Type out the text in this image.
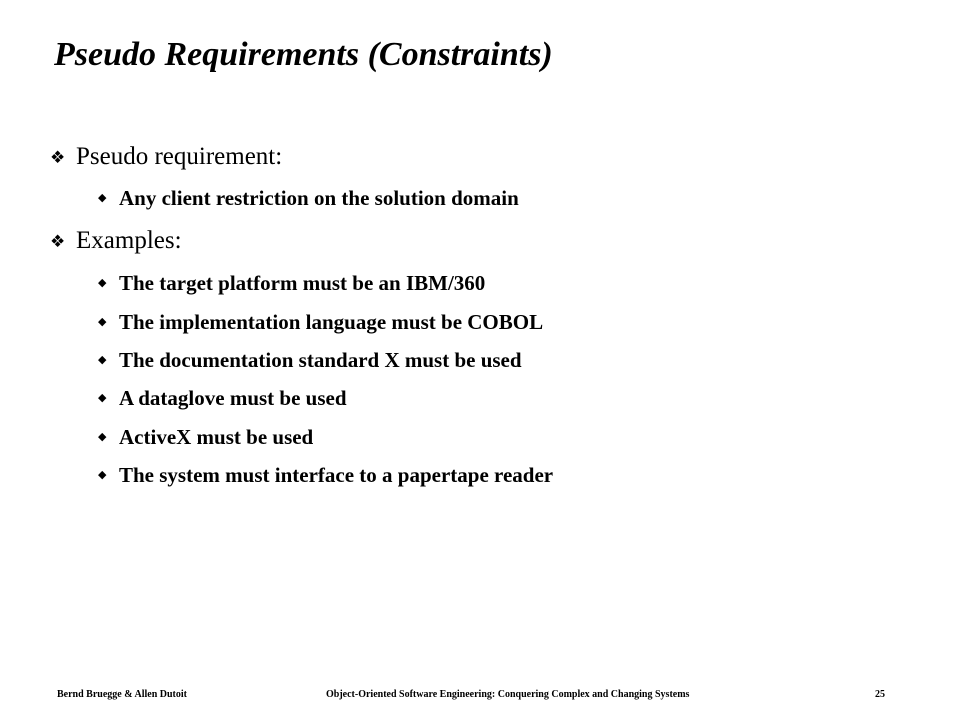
Pseudo Requirements (Constraints)
❖ Pseudo requirement:
◆ Any client restriction on the solution domain
❖ Examples:
◆ The target platform must be an IBM/360
◆ The implementation language must be COBOL
◆ The documentation standard X must be used
◆ A dataglove must be used
◆ ActiveX must be used
◆ The system must interface to a papertape reader
Bernd Bruegge & Allen Dutoit	Object-Oriented Software Engineering: Conquering Complex and Changing Systems	25
